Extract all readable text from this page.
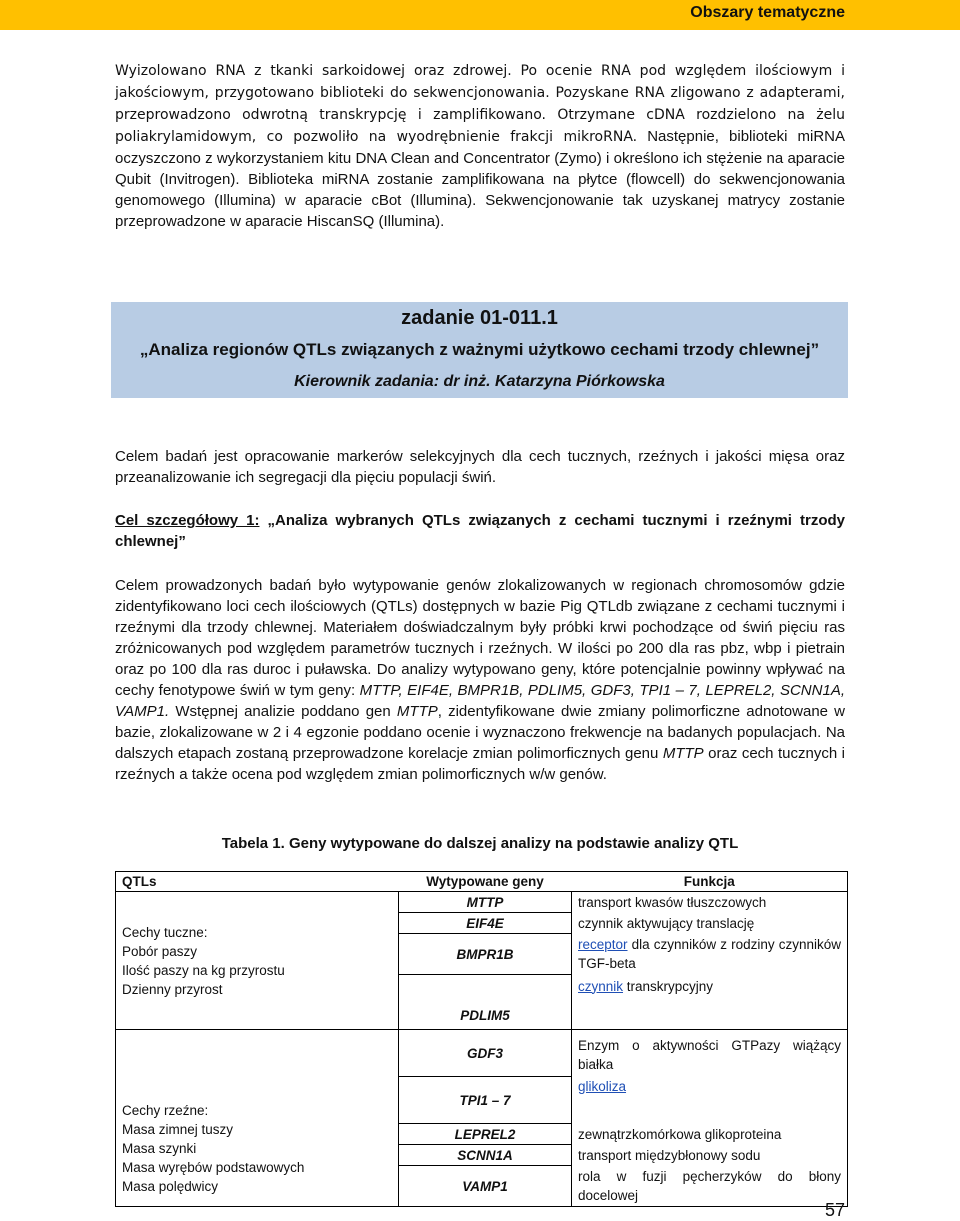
Obszary tematyczne

Wyizolowano RNA z tkanki sarkoidowej oraz zdrowej. Po ocenie RNA pod względem ilościowym i jakościowym, przygotowano biblioteki do sekwencjonowania. Pozyskane RNA zligowano z adapterami, przeprowadzono odwrotną transkrypcję i zamplifikowano. Otrzymane cDNA rozdzielono na żelu poliakrylamidowym, co pozwoliło na wyodrębnienie frakcji mikroRNA. Następnie, biblioteki miRNA oczyszczono z wykorzystaniem kitu DNA Clean and Concentrator (Zymo) i określono ich stężenie na aparacie Qubit (Invitrogen). Biblioteka miRNA zostanie zamplifikowana na płytce (flowcell) do sekwencjonowania genomowego (Illumina) w aparacie cBot (Illumina). Sekwencjonowanie tak uzyskanej matrycy zostanie przeprowadzone w aparacie HiscanSQ (Illumina).

zadanie 01-011.1
„Analiza regionów QTLs związanych z ważnymi użytkowo cechami trzody chlewnej”
Kierownik zadania: dr inż. Katarzyna Piórkowska

Celem badań jest opracowanie markerów selekcyjnych dla cech tucznych, rzeźnych i jakości mięsa oraz przeanalizowanie ich segregacji dla pięciu populacji świń.

Cel szczegółowy 1: „Analiza wybranych QTLs związanych z cechami tucznymi i rzeźnymi trzody chlewnej”

Celem prowadzonych badań było wytypowanie genów zlokalizowanych w regionach chromosomów gdzie zidentyfikowano loci cech ilościowych (QTLs) dostępnych w bazie Pig QTLdb związane z cechami tucznymi i rzeźnymi dla trzody chlewnej. Materiałem doświadczalnym były próbki krwi pochodzące od świń pięciu ras zróżnicowanych pod względem parametrów tucznych i rzeźnych. W ilości po 200 dla ras pbz, wbp i pietrain oraz po 100 dla ras duroc i puławska. Do analizy wytypowano geny, które potencjalnie powinny wpływać na cechy fenotypowe świń w tym geny: MTTP, EIF4E, BMPR1B, PDLIM5, GDF3, TPI1 – 7, LEPREL2, SCNN1A, VAMP1. Wstępnej analizie poddano gen MTTP, zidentyfikowane dwie zmiany polimorficzne adnotowane w bazie, zlokalizowane w 2 i 4 egzonie poddano ocenie i wyznaczono frekwencje na badanych populacjach. Na dalszych etapach zostaną przeprowadzone korelacje zmian polimorficznych genu MTTP oraz cech tucznych i rzeźnych a także ocena pod względem zmian polimorficznych w/w genów.

Tabela 1. Geny wytypowane do dalszej analizy na podstawie analizy QTL
QTLs	Wytypowane geny	Funkcja

Cechy tuczne:
Pobór paszy
Ilość paszy na kg przyrostu
Dzienny przyrost	MTTP	transport kwasów tłuszczowych
	EIF4E	czynnik aktywujący translację
	BMPR1B	receptor dla czynników z rodziny czynników TGF-beta
	PDLIM5	czynnik transkrypcyjny

Cechy rzeźne:
Masa zimnej tuszy
Masa szynki
Masa wyrębów podstawowych
Masa polędwicy	GDF3	Enzym o aktywności GTPazy wiążący białka
	TPI1 – 7	glikoliza
	LEPREL2	zewnątrzkomórkowa glikoproteina
	SCNN1A	transport międzybłonowy sodu
	VAMP1	rola w fuzji pęcherzyków do błony docelowej
57
